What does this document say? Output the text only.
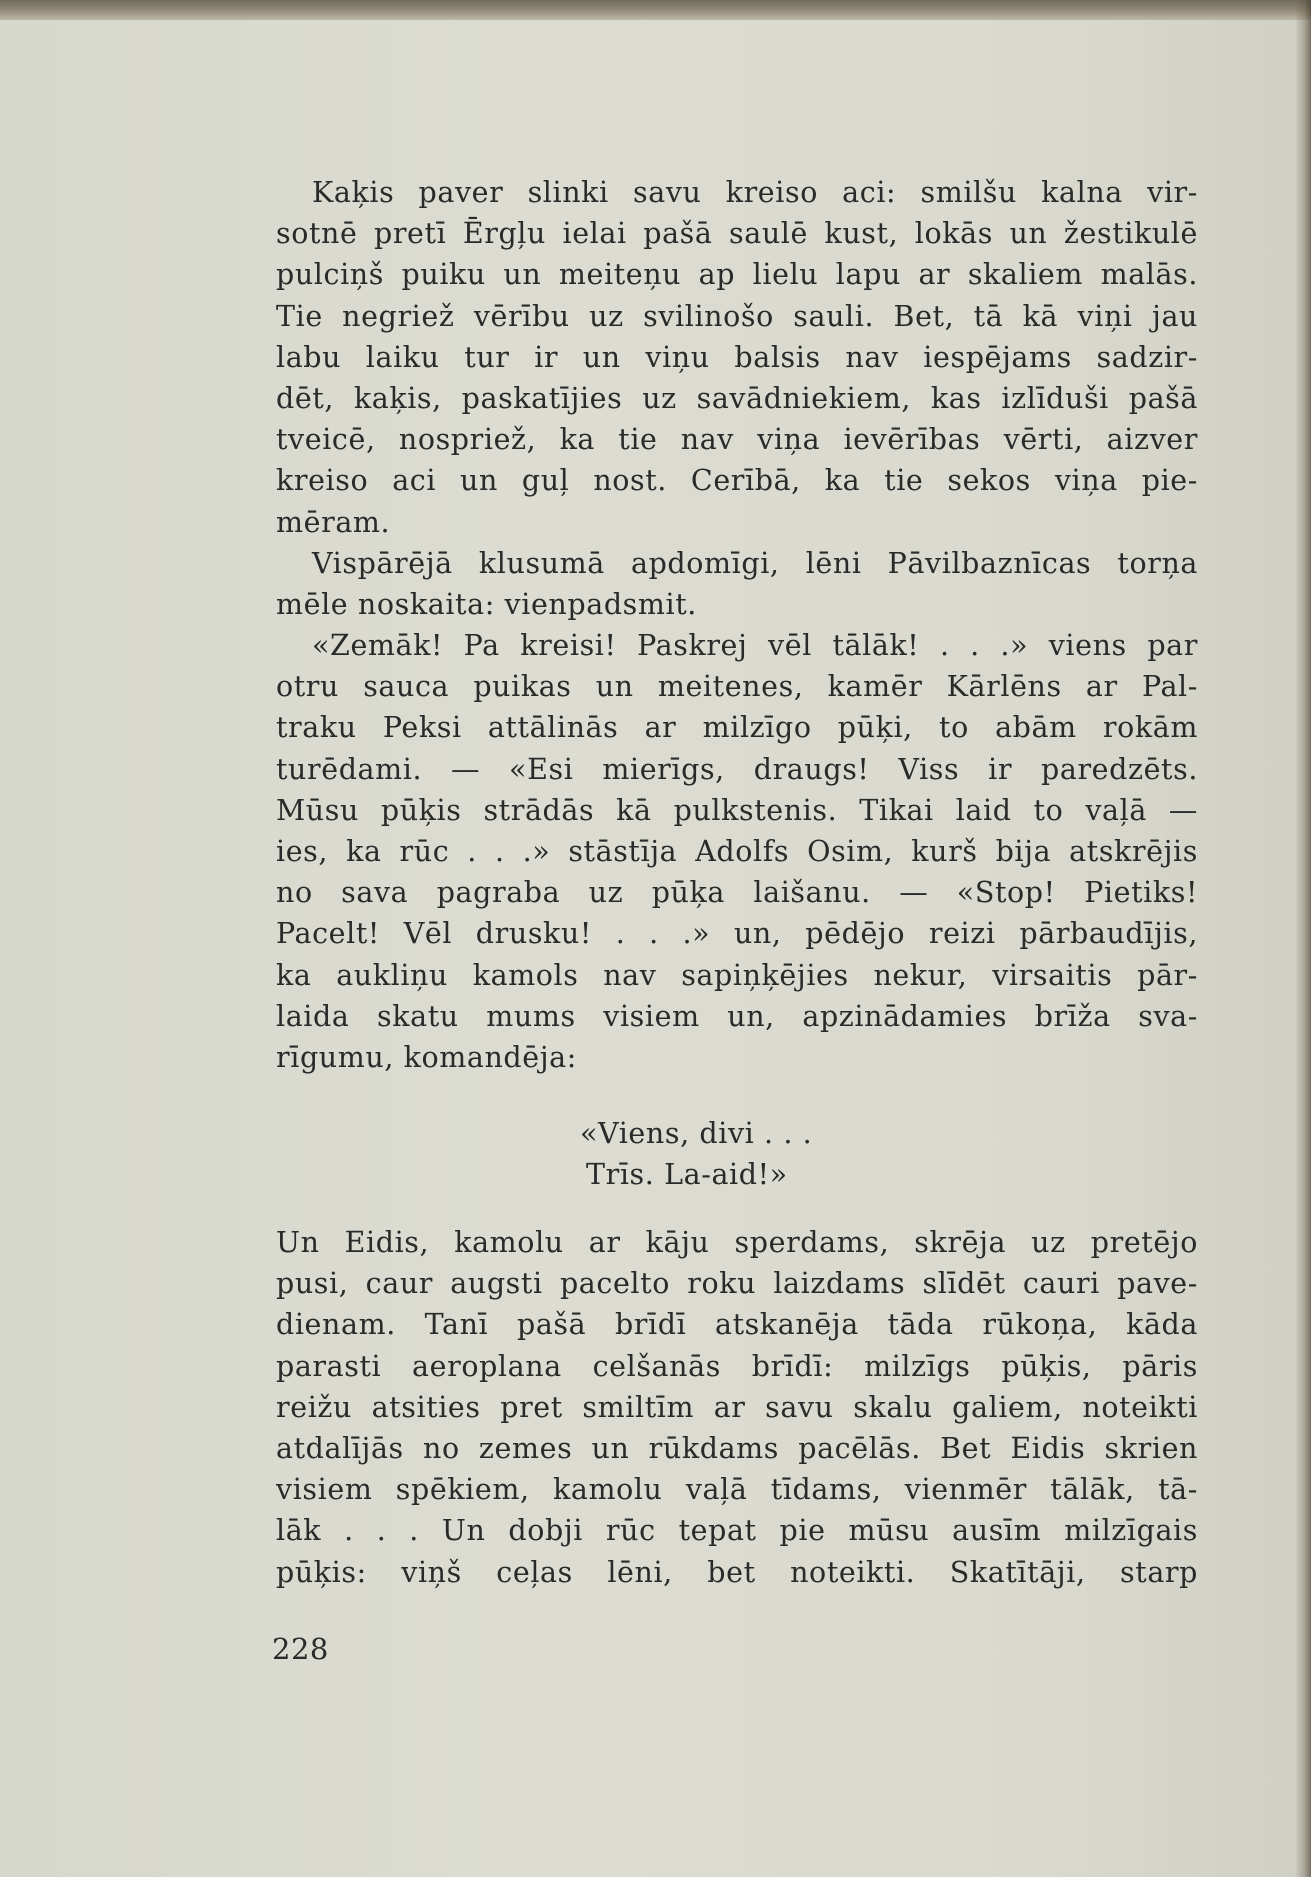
Kaķis paver slinki savu kreiso aci: smilšu kalna vir-
sotnē pretī Ērgļu ielai pašā saulē kust, lokās un žestikulē
pulciņš puiku un meiteņu ap lielu lapu ar skaliem malās.
Tie negriež vērību uz svilinošo sauli. Bet, tā kā viņi jau
labu laiku tur ir un viņu balsis nav iespējams sadzir-
dēt, kaķis, paskatījies uz savādniekiem, kas izlīduši pašā
tveicē, nospriež, ka tie nav viņa ievērības vērti, aizver
kreiso aci un guļ nost. Cerībā, ka tie sekos viņa pie-
mēram.
Vispārējā klusumā apdomīgi, lēni Pāvilbaznīcas torņa
mēle noskaita: vienpadsmit.
«Zemāk! Pa kreisi! Paskrej vēl tālāk! . . .» viens par
otru sauca puikas un meitenes, kamēr Kārlēns ar Pal-
traku Peksi attālinās ar milzīgo pūķi, to abām rokām
turēdami. — «Esi mierīgs, draugs! Viss ir paredzēts.
Mūsu pūķis strādās kā pulkstenis. Tikai laid to vaļā —
ies, ka rūc . . .» stāstīja Adolfs Osim, kurš bija atskrējis
no sava pagraba uz pūķa laišanu. — «Stop! Pietiks!
Pacelt! Vēl drusku! . . .» un, pēdējo reizi pārbaudījis,
ka aukliņu kamols nav sapiņķējies nekur, virsaitis pār-
laida skatu mums visiem un, apzinādamies brīža sva-
rīgumu, komandēja:
«Viens, divi . . .
Trīs. La-aid!»
Un Eidis, kamolu ar kāju sperdams, skrēja uz pretējo
pusi, caur augsti pacelto roku laizdams slīdēt cauri pave-
dienam. Tanī pašā brīdī atskanēja tāda rūkoņa, kāda
parasti aeroplana celšanās brīdī: milzīgs pūķis, pāris
reižu atsities pret smiltīm ar savu skalu galiem, noteikti
atdalījās no zemes un rūkdams pacēlās. Bet Eidis skrien
visiem spēkiem, kamolu vaļā tīdams, vienmēr tālāk, tā-
lāk . . . Un dobji rūc tepat pie mūsu ausīm milzīgais
pūķis: viņš ceļas lēni, bet noteikti. Skatītāji, starp
228
